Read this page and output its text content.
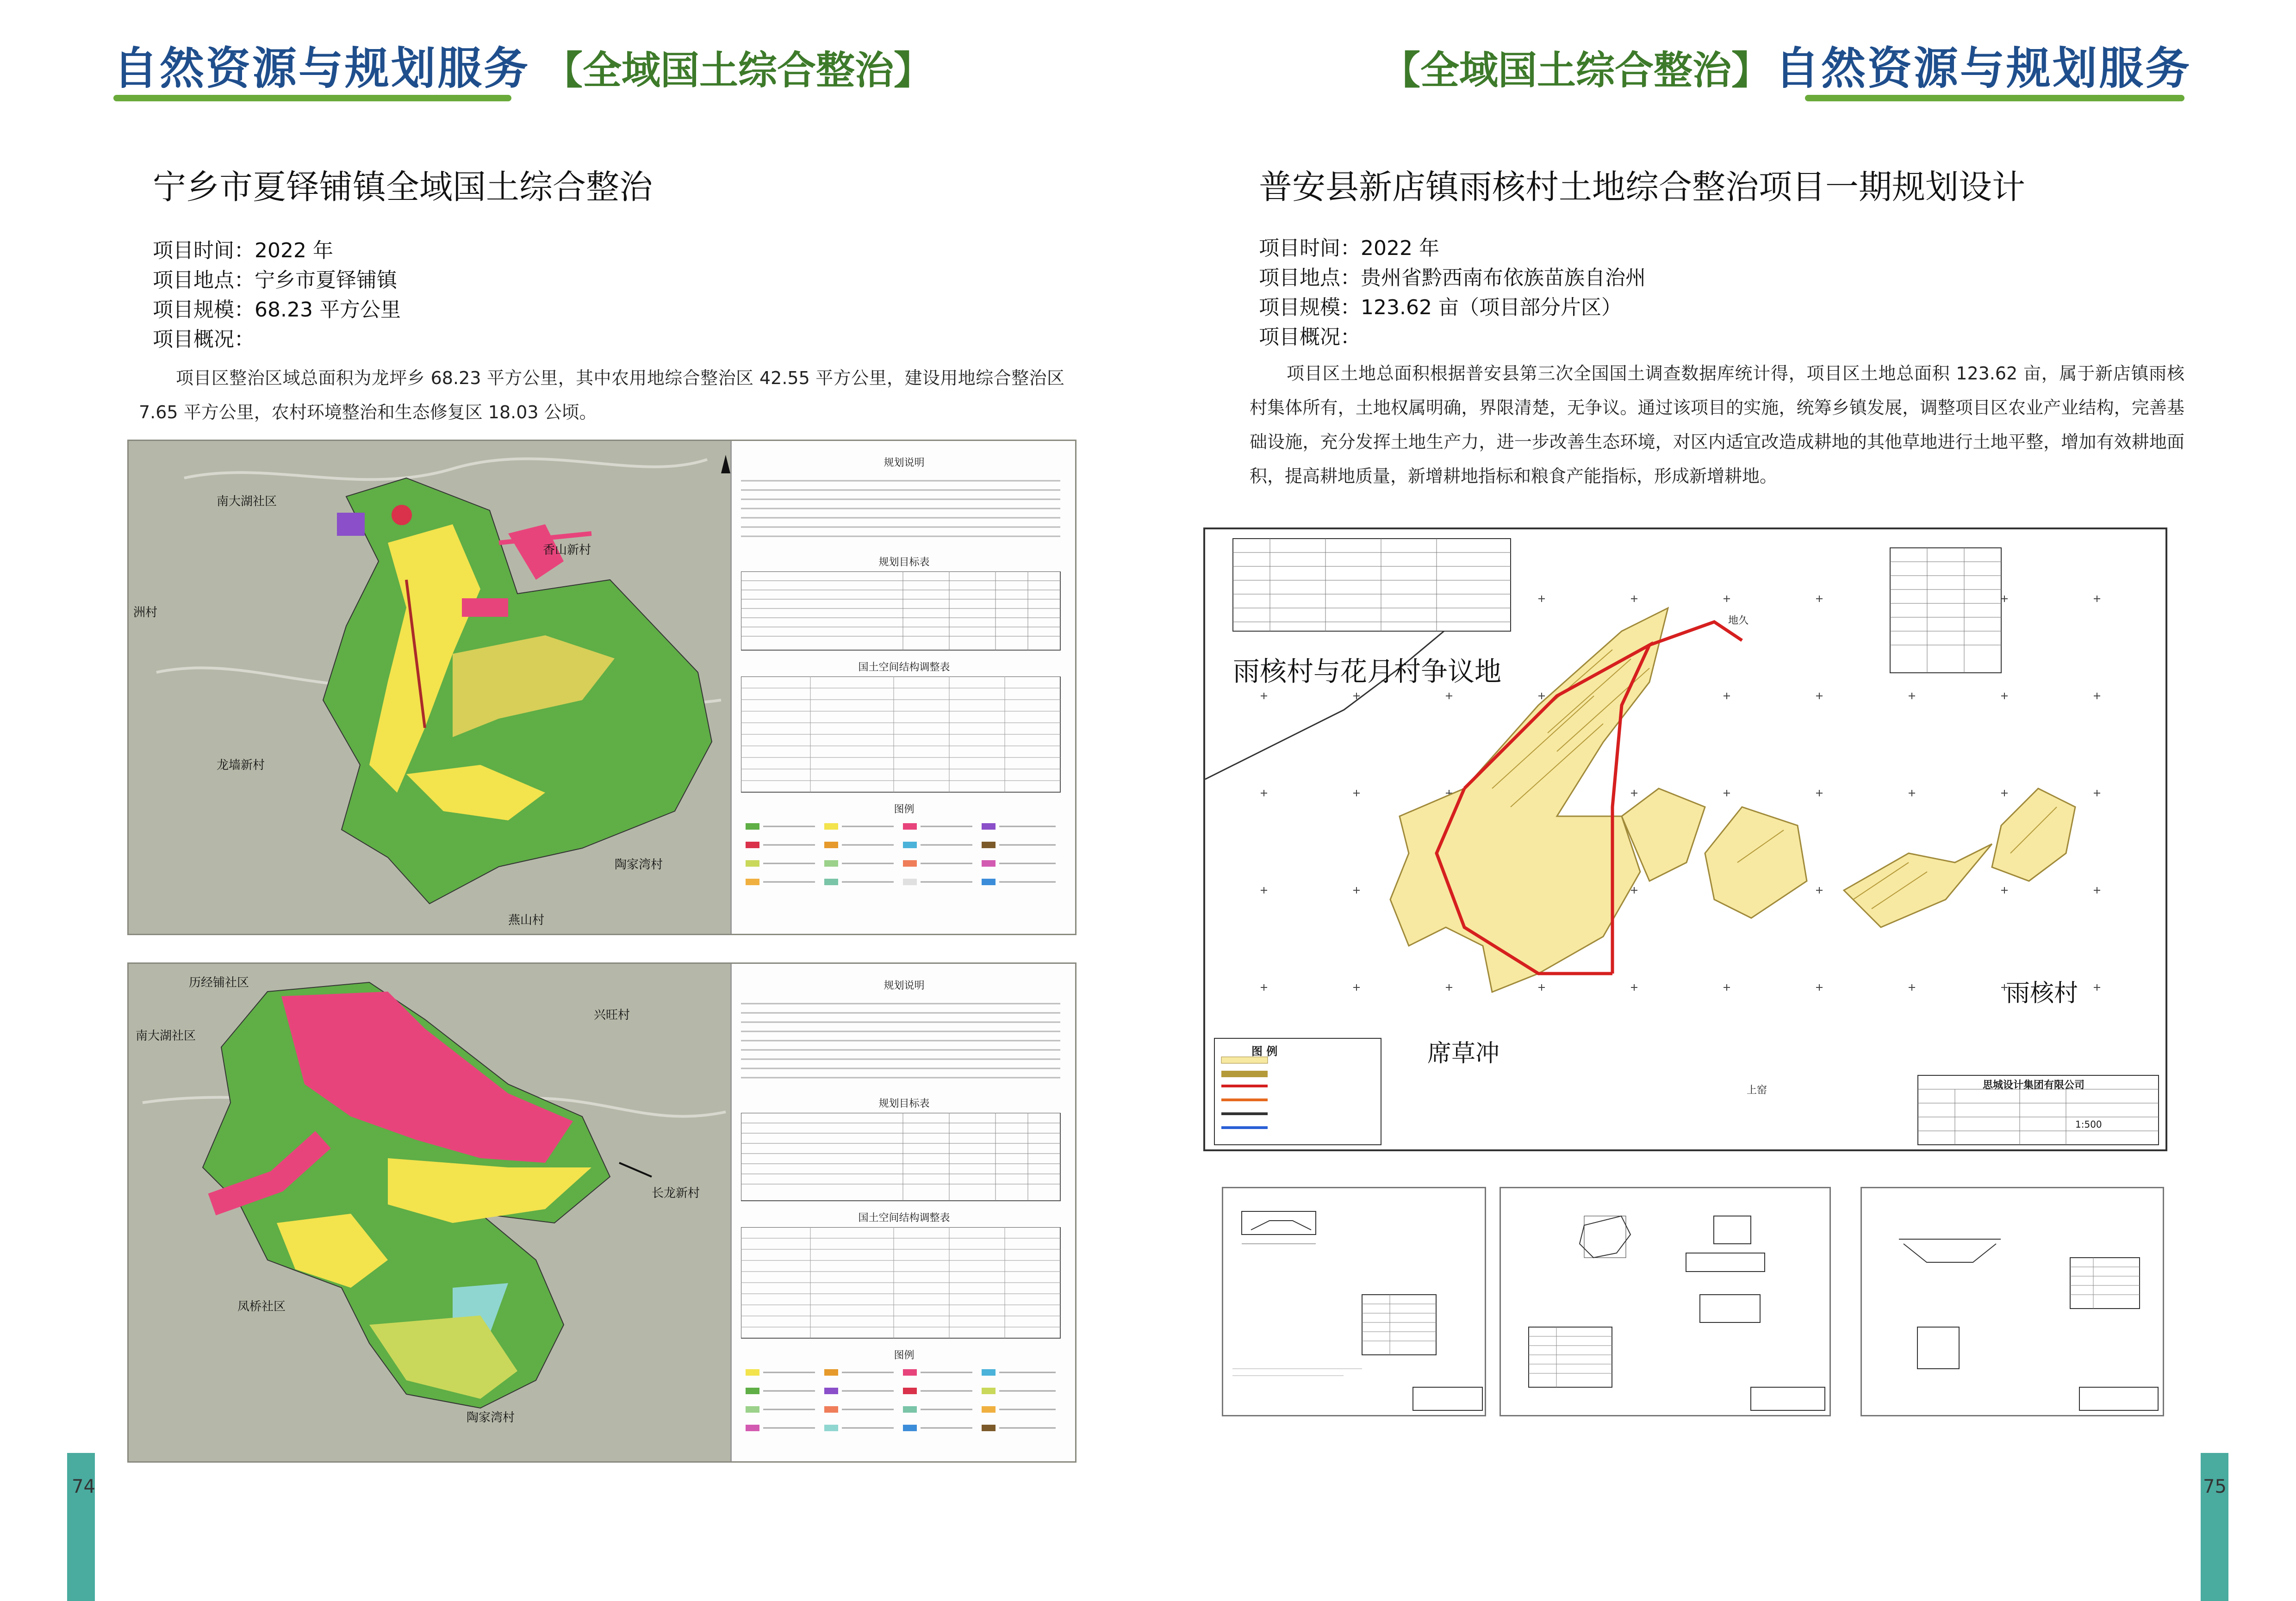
自然资源与规划服务 【全域国土综合整治】
宁乡市夏铎铺镇全域国土综合整治
项目时间：2022 年
项目地点：宁乡市夏铎铺镇
项目规模：68.23 平方公里
项目概况：
项目区整治区域总面积为龙坪乡 68.23 平方公里，其中农用地综合整治区 42.55 平方公里，建设用地综合整治区 7.65 平方公里，农村环境整治和生态修复区 18.03 公顷。
南大湖社区
香山新村
龙墙新村
陶家湾村
燕山村
洲村
规划说明
规划目标表
国土空间结构调整表
图例
历经铺社区
兴旺村
南大湖社区
长龙新村
凤桥社区
陶家湾村
规划说明
规划目标表
国土空间结构调整表
图例
74
【全域国土综合整治】 自然资源与规划服务
普安县新店镇雨核村土地综合整治项目一期规划设计
项目时间：2022 年
项目地点：贵州省黔西南布依族苗族自治州
项目规模：123.62 亩（项目部分片区）
项目概况：
项目区土地总面积根据普安县第三次全国国土调查数据库统计得，项目区土地总面积 123.62 亩，属于新店镇雨核村集体所有，土地权属明确，界限清楚，无争议。通过该项目的实施，统筹乡镇发展，调整项目区农业产业结构，完善基础设施，充分发挥土地生产力，进一步改善生态环境，对区内适宜改造成耕地的其他草地进行土地平整，增加有效耕地面积，提高耕地质量，新增耕地指标和粮食产能指标，形成新增耕地。
雨核村与花月村争议地
席草冲
雨核村
地久
上窑
图 例
思城设计集团有限公司
1:500
75
